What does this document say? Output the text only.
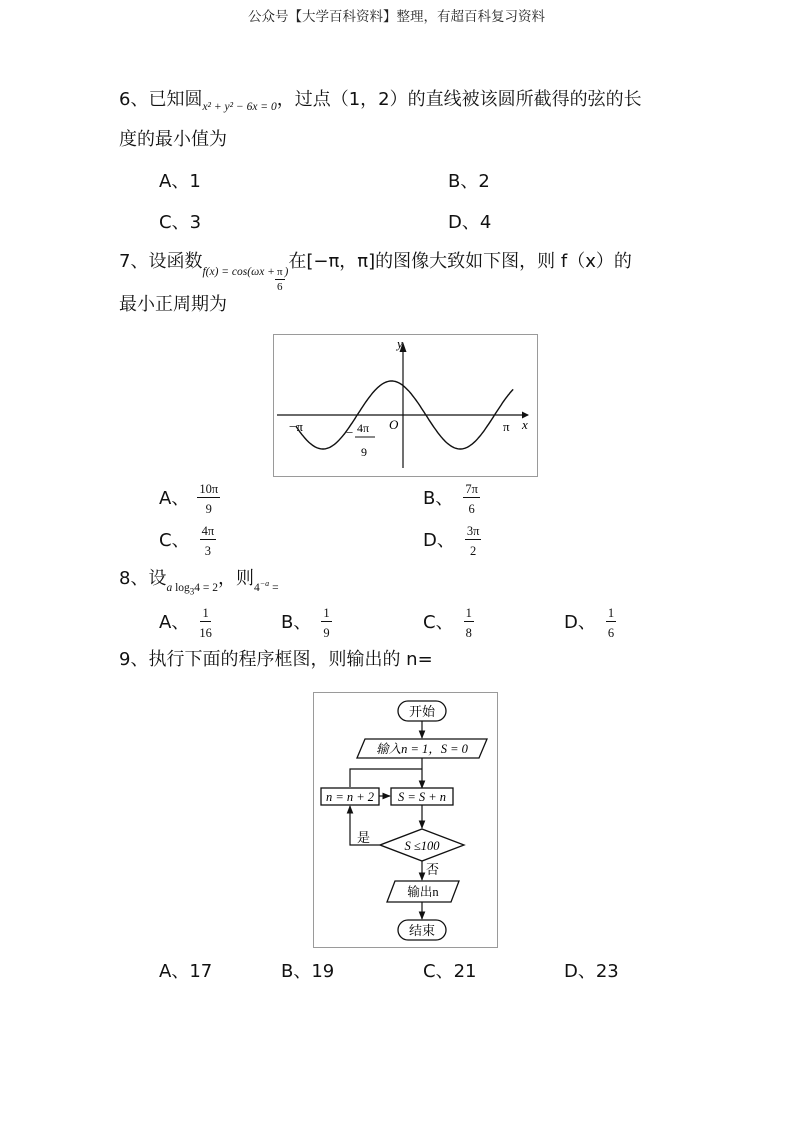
公众号【大学百科资料】整理，有超百科复习资料
6、已知圆$_{x^2 + y^2 - 6x = 0}$，过点（1，2）的直线被该圆所截得的弦的长
度的最小值为
A、1	B、2
C、3	D、4
7、设函数$_{f(x) = cos(\omega x +} \frac{\pi}{6} _)$在[−π，π]的图像大致如下图，则 f（x）的
最小正周期为
y
x
O
−π	π
− 4π
9
A、 $\frac{10\pi}{9}$	B、 $\frac{7\pi}{6}$
C、 $\frac{4\pi}{3}$	D、 $\frac{3\pi}{2}$
8、设$_{a log_34 = 2}$，则$_{4^{-a} =}$
A、 $\frac{1}{16}$	B、 $\frac{1}{9}$	C、 $\frac{1}{8}$	D、 $\frac{1}{6}$
9、执行下面的程序框图，则输出的 n=
开始
输入n = 1，S = 0
n = n + 2 S = S + n
S ≤100
是
否
输出n
结束
A、17	B、19	C、21	D、23
